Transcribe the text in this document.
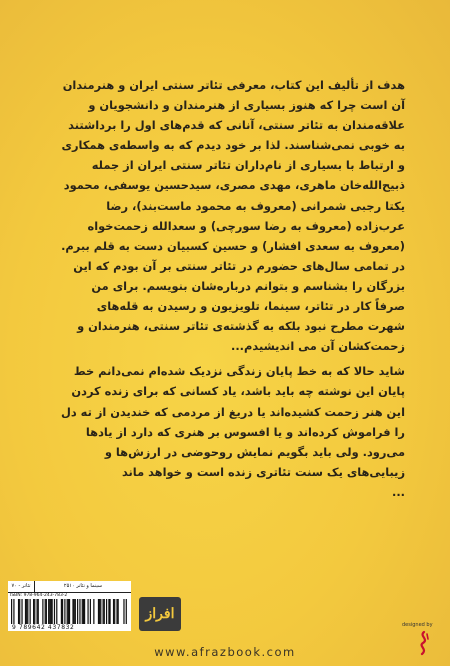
هدف از تألیف این کتاب، معرفی تئاتر سنتی ایران و هنرمندان آن است چرا که هنوز بسیاری از هنرمندان و دانشجویان و علاقه‌مندان به تئاتر سنتی، آنانی که قدم‌های اول را برداشتند به خوبی نمی‌شناسند. لذا بر خود دیدم که به واسطه‌ی همکاری و ارتباط با بسیاری از نام‌داران تئاتر سنتی ایران از جمله ذبیح‌الله‌خان ماهری، مهدی مصری، سیدحسین یوسفی، محمود یکتا رجبی شمرانی (معروف به محمود ماست‌بند)، رضا عرب‌زاده (معروف به رضا سورچی) و سعدالله زحمت‌خواه (معروف به سعدی افشار) و حسین کسبیان دست به قلم ببرم. در تمامی سال‌های حضورم در تئاتر سنتی بر آن بودم که این بزرگان را بشناسم و بتوانم درباره‌شان بنویسم. برای من صرفاً کار در تئاتر، سینما، تلویزیون و رسیدن به قله‌های شهرت مطرح نبود بلکه به گذشته‌ی تئاتر سنتی، هنرمندان و زحمت‌کشان آن می اندیشیدم...

شاید حالا که به خط پایان زندگی نزدیک شده‌ام نمی‌دانم خط پایان این نوشته چه باید باشد، یاد کسانی که برای زنده کردن این هنر زحمت کشیده‌اند یا دریغ از مردمی که خندیدن از ته دل را فراموش کرده‌اند و یا افسوس بر هنری که دارد از یادها می‌رود. ولی باید بگویم نمایش روحوضی در ارزش‌ها و زیبایی‌های یک سنت تئاتری زنده است و خواهد ماند
...

تئاتر - ۷۰	سینما و تئاتر ۲۵۱۰
ISBN: 978-964-243-783-2
9 789642 437832
افراز
www.afrazbook.com
designed by
